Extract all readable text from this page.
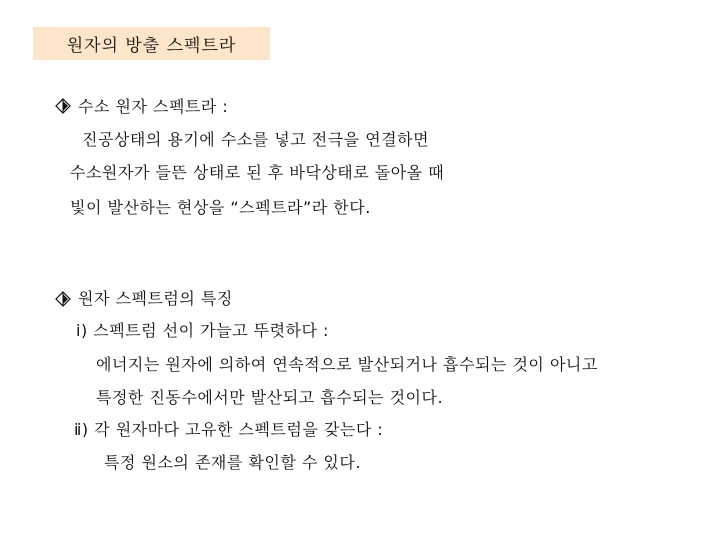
원자의 방출 스펙트라
수소 원자 스펙트라 :
진공상태의 용기에 수소를 넣고 전극을 연결하면
수소원자가 들뜬 상태로 된 후 바닥상태로 돌아올 때
빛이 발산하는 현상을 “스펙트라”라 한다.
원자 스펙트럼의 특징
ⅰ) 스펙트럼 선이 가늘고 뚜렷하다 :
에너지는 원자에 의하여 연속적으로 발산되거나 흡수되는 것이 아니고
특정한 진동수에서만 발산되고 흡수되는 것이다.
ⅱ) 각 원자마다 고유한 스펙트럼을 갖는다 :
특정 원소의 존재를 확인할 수 있다.
